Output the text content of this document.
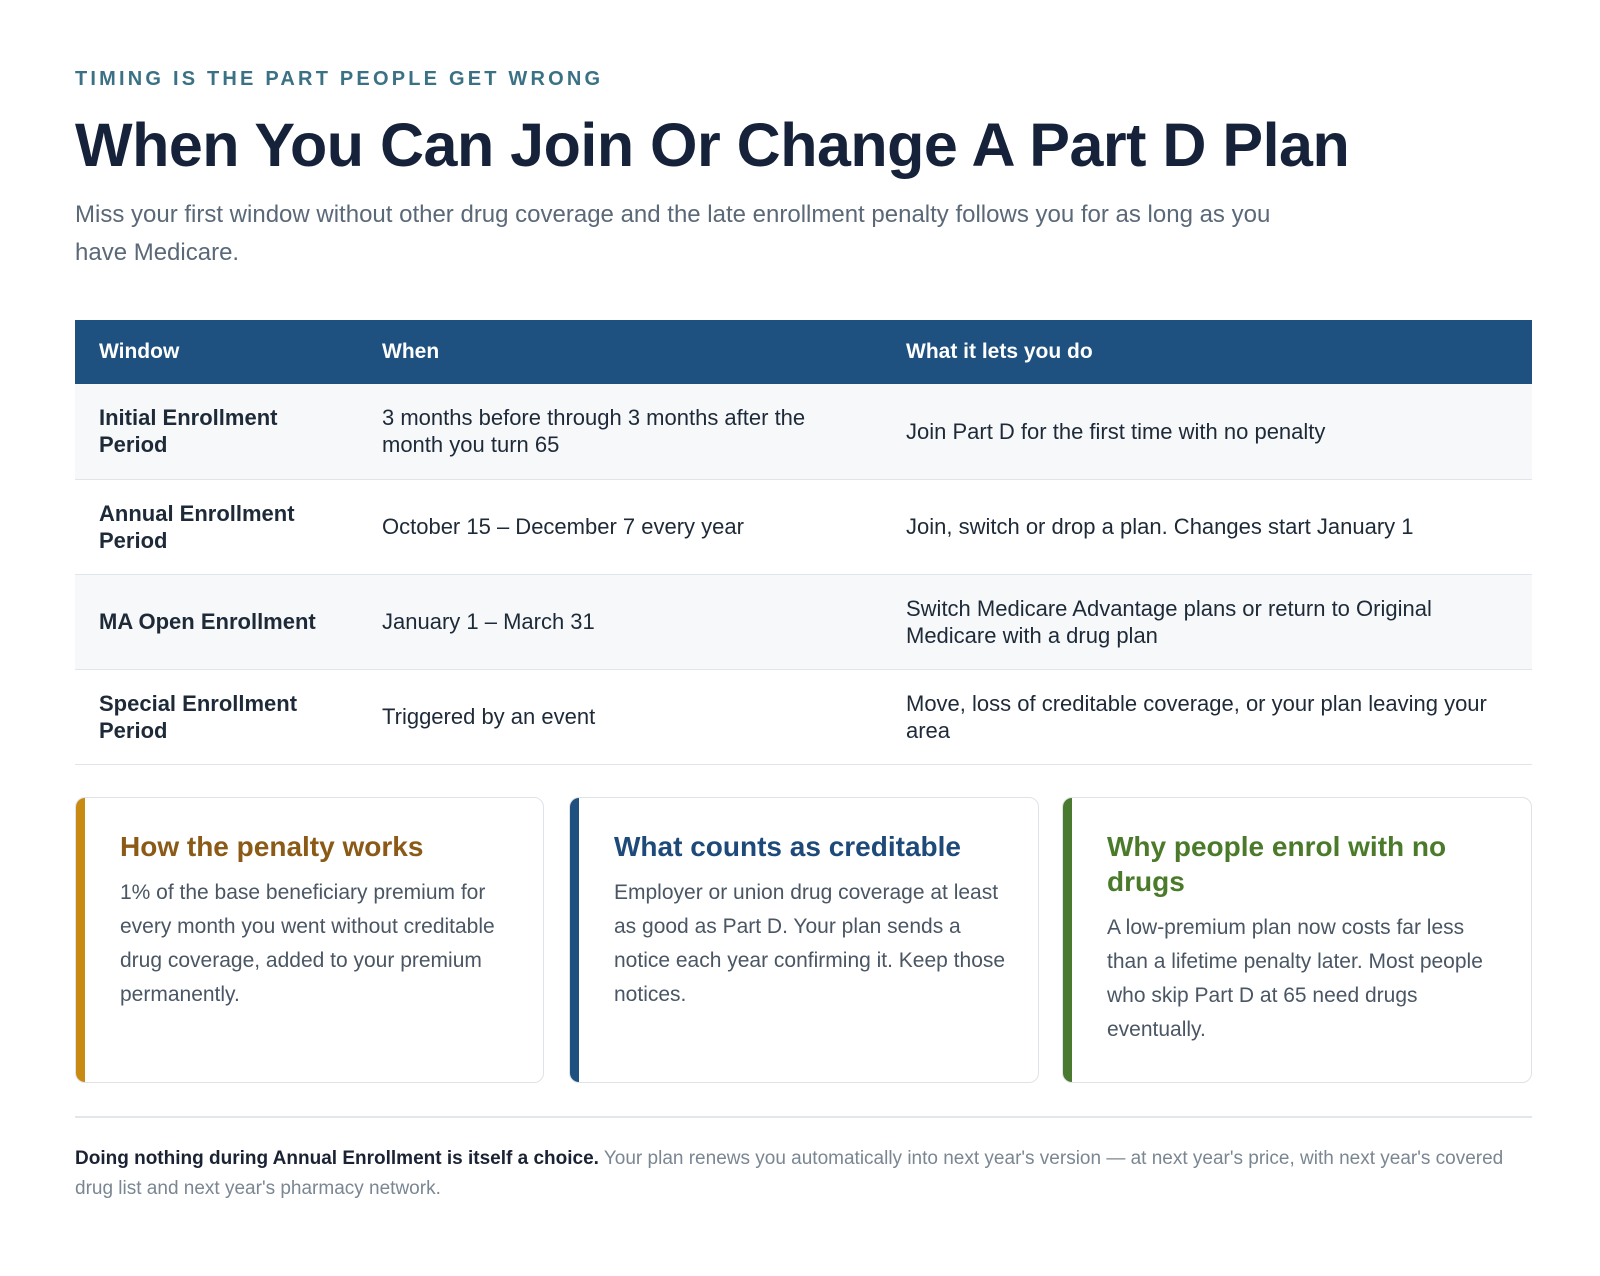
TIMING IS THE PART PEOPLE GET WRONG
When You Can Join Or Change A Part D Plan

Miss your first window without other drug coverage and the late enrollment penalty follows you for as long as you have Medicare.

Window	When	What it lets you do
Initial Enrollment Period	3 months before through 3 months after the month you turn 65	Join Part D for the first time with no penalty
Annual Enrollment Period	October 15 – December 7 every year	Join, switch or drop a plan. Changes start January 1
MA Open Enrollment	January 1 – March 31	Switch Medicare Advantage plans or return to Original Medicare with a drug plan
Special Enrollment Period	Triggered by an event	Move, loss of creditable coverage, or your plan leaving your area
How the penalty works

1% of the base beneficiary premium for every month you went without creditable drug coverage, added to your premium permanently.

What counts as creditable

Employer or union drug coverage at least as good as Part D. Your plan sends a notice each year confirming it. Keep those notices.

Why people enrol with no drugs

A low-premium plan now costs far less than a lifetime penalty later. Most people who skip Part D at 65 need drugs eventually.

Doing nothing during Annual Enrollment is itself a choice. Your plan renews you automatically into next year's version — at next year's price, with next year's covered drug list and next year's pharmacy network.
